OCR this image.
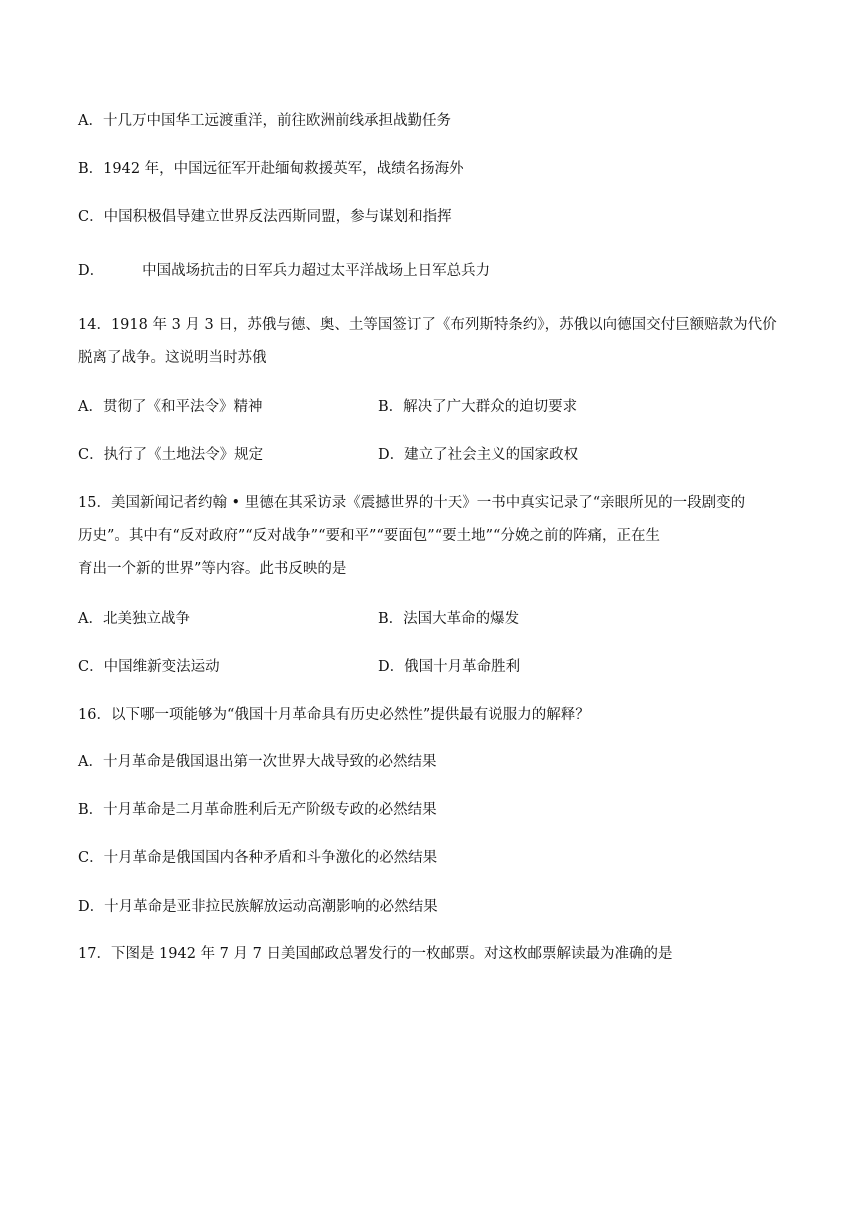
A．十几万中国华工远渡重洋，前往欧洲前线承担战勤任务
B．1942 年，中国远征军开赴缅甸救援英军，战绩名扬海外
C．中国积极倡导建立世界反法西斯同盟，参与谋划和指挥
D．	中国战场抗击的日军兵力超过太平洋战场上日军总兵力
14．1918 年 3 月 3 日，苏俄与德、奥、土等国签订了《布列斯特条约》，苏俄以向德国交付巨额赔款为代价
脱离了战争。这说明当时苏俄
A．贯彻了《和平法令》精神	B．解决了广大群众的迫切要求
C．执行了《土地法令》规定	D．建立了社会主义的国家政权
15．美国新闻记者约翰 • 里德在其采访录《震撼世界的十天》一书中真实记录了“亲眼所见的一段剧变的
历史”。其中有“反对政府”“反对战争”“要和平”“要面包”“要土地”“分娩之前的阵痛，正在生
育出一个新的世界”等内容。此书反映的是
A．北美独立战争	B．法国大革命的爆发
C．中国维新变法运动	D．俄国十月革命胜利
16．以下哪一项能够为“俄国十月革命具有历史必然性”提供最有说服力的解释？
A．十月革命是俄国退出第一次世界大战导致的必然结果
B．十月革命是二月革命胜利后无产阶级专政的必然结果
C．十月革命是俄国国内各种矛盾和斗争激化的必然结果
D．十月革命是亚非拉民族解放运动高潮影响的必然结果
17．下图是 1942 年 7 月 7 日美国邮政总署发行的一枚邮票。对这枚邮票解读最为准确的是
